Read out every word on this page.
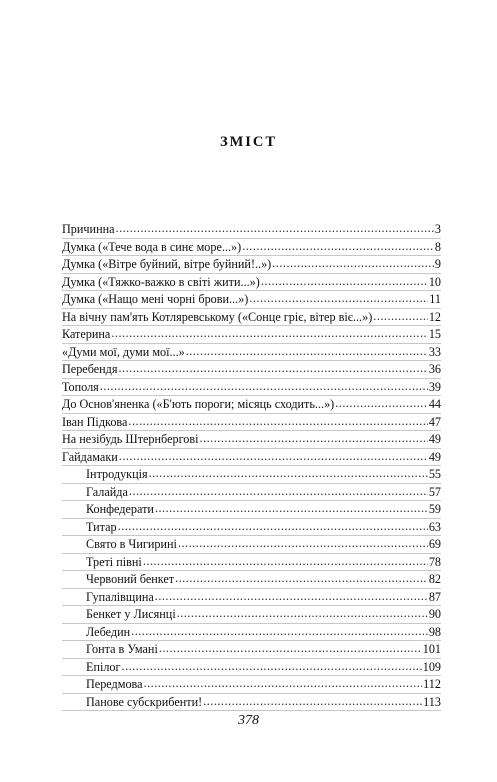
ЗМІСТ
Причинна .....	3
Думка («Тече вода в синє море...») .....	8
Думка («Вітре буйний, вітре буйний!..») .....	9
Думка («Тяжко-важко в світі жити...») .....	10
Думка («Нащо мені чорні брови...») .....	11
На вічну пам'ять Котляревському («Сонце гріє, вітер віє...») .....	12
Катерина .....	15
«Думи мої, думи мої...» .....	33
Перебендя .....	36
Тополя .....	39
До Основ'яненка («Б'ють пороги; місяць сходить...») .....	44
Іван Підкова .....	47
На незібудь Штернбергові .....	49
Гайдамаки .....	49
Інтродукція .....	55
Галайда .....	57
Конфедерати .....	59
Титар .....	63
Свято в Чигирині .....	69
Треті півні .....	78
Червоний бенкет .....	82
Гупалівщина .....	87
Бенкет у Лисянці .....	90
Лебедин .....	98
Гонта в Умані .....	101
Епілог .....	109
Передмова .....	112
Панове субскрибенти! .....	113
378
